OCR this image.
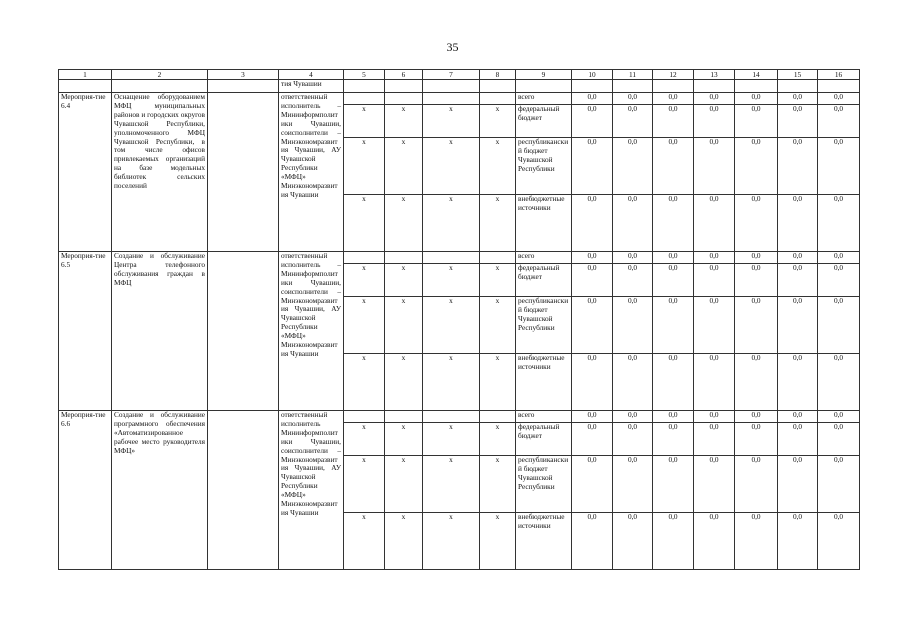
35
1	2	3	4	5	6	7	8	9	10	11	12	13	14	15	16
			тия Чувашии												
Мероприя-тие 6.4	Оснащение оборудованием МФЦ муниципальных районов и городских округов Чувашской Республики, уполномоченного МФЦ Чувашской Республики, в том числе офисов привлекаемых организаций на базе модельных библиотек сельских поселений		ответственный исполнитель – Мининформполитики Чувашии, соисполнители – Минэкономразвития Чувашии, АУ Чувашской Республики «МФЦ» Минэкономразвития Чувашии					всего	0,0	0,0	0,0	0,0	0,0	0,0	0,0
				x	x	x	x	федеральный бюджет	0,0	0,0	0,0	0,0	0,0	0,0	0,0
				x	x	x	x	республиканский бюджет Чувашской Республики	0,0	0,0	0,0	0,0	0,0	0,0	0,0
				x	x	x	x	внебюджетные источники	0,0	0,0	0,0	0,0	0,0	0,0	0,0
Мероприя-тие 6.5	Создание и обслуживание Центра телефонного обслуживания граждан в МФЦ		ответственный исполнитель – Мининформполитики Чувашии, соисполнители – Минэкономразвития Чувашии, АУ Чувашской Республики «МФЦ» Минэкономразвития Чувашии					всего	0,0	0,0	0,0	0,0	0,0	0,0	0,0
				x	x	x	x	федеральный бюджет	0,0	0,0	0,0	0,0	0,0	0,0	0,0
				x	x	x	x	республиканский бюджет Чувашской Республики	0,0	0,0	0,0	0,0	0,0	0,0	0,0
				x	x	x	x	внебюджетные источники	0,0	0,0	0,0	0,0	0,0	0,0	0,0
Мероприя-тие 6.6	Создание и обслуживание программного обеспечения «Автоматизированное рабочее место руководителя МФЦ»		ответственный исполнитель Мининформполитики Чувашии, соисполнители – Минэкономразвития Чувашии, АУ Чувашской Республики «МФЦ» Минэкономразвития Чувашии					всего	0,0	0,0	0,0	0,0	0,0	0,0	0,0
				x	x	x	x	федеральный бюджет	0,0	0,0	0,0	0,0	0,0	0,0	0,0
				x	x	x	x	республиканский бюджет Чувашской Республики	0,0	0,0	0,0	0,0	0,0	0,0	0,0
				x	x	x	x	внебюджетные источники	0,0	0,0	0,0	0,0	0,0	0,0	0,0
